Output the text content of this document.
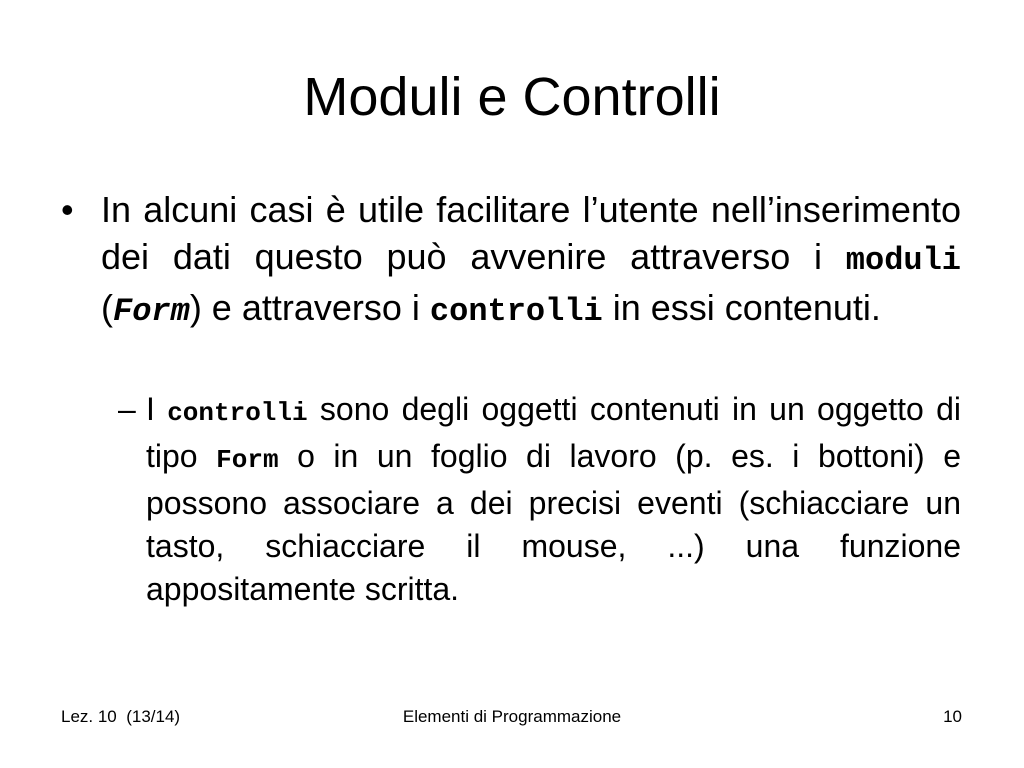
Moduli e Controlli
• In alcuni casi è utile facilitare l’utente nell’inserimento dei dati questo può avvenire attraverso i moduli (Form) e attraverso i controlli in essi contenuti.
– I controlli sono degli oggetti contenuti in un oggetto di tipo Form o in un foglio di lavoro (p. es. i bottoni) e possono associare a dei precisi eventi (schiacciare un tasto, schiacciare il mouse, ...) una funzione appositamente scritta.
Lez. 10  (13/14)	Elementi di Programmazione	10
